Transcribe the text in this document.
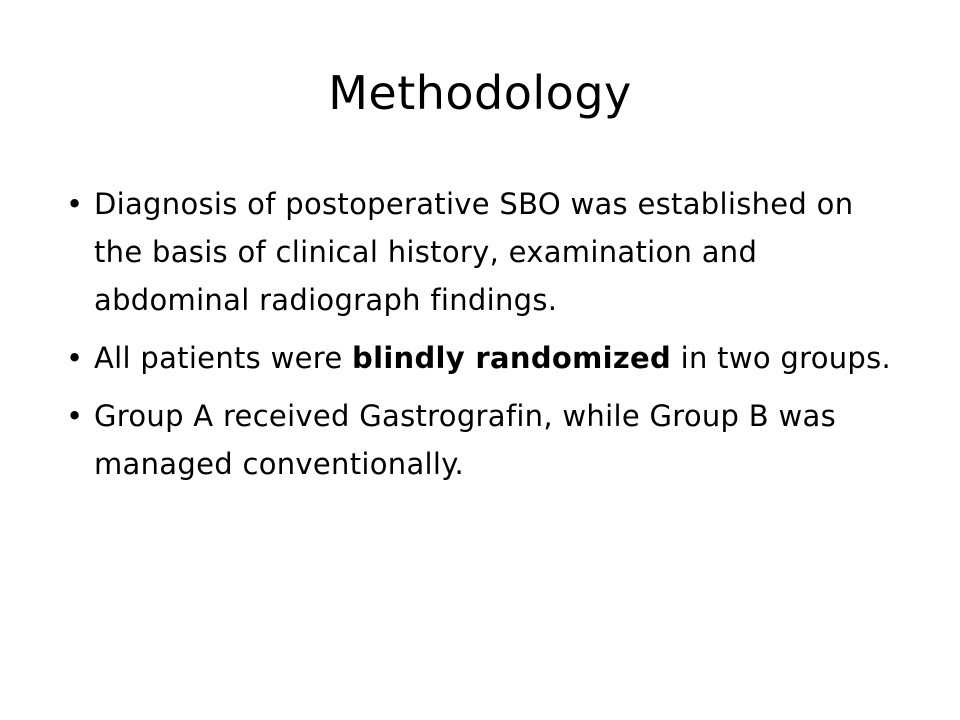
Methodology
• Diagnosis of postoperative SBO was established on the basis of clinical history, examination and abdominal radiograph findings.
• All patients were blindly randomized in two groups.
• Group A received Gastrografin, while Group B was managed conventionally.
